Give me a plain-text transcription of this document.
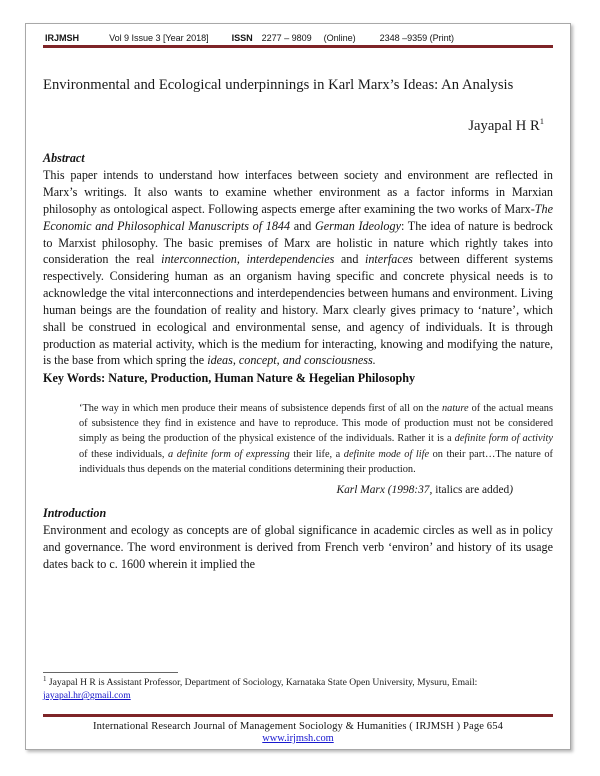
IRJMSH	Vol 9 Issue 3 [Year 2018]	ISSN 2277 – 9809 (Online)	2348 –9359 (Print)
Environmental and Ecological underpinnings in Karl Marx’s Ideas: An Analysis
Jayapal H $R^1$
Abstract

This paper intends to understand how interfaces between society and environment are reflected in Marx’s writings. It also wants to examine whether environment as a factor informs in Marxian philosophy as ontological aspect. Following aspects emerge after examining the two works of Marx-The Economic and Philosophical Manuscripts of 1844 and German Ideology: The idea of nature is bedrock to Marxist philosophy. The basic premises of Marx are holistic in nature which rightly takes into consideration the real interconnection, interdependencies and interfaces between different systems respectively. Considering human as an organism having specific and concrete physical needs is to acknowledge the vital interconnections and interdependencies between humans and environment. Living human beings are the foundation of reality and history. Marx clearly gives primacy to ‘nature’, which shall be construed in ecological and environmental sense, and agency of individuals. It is through production as material activity, which is the medium for interacting, knowing and modifying the nature, is the base from which spring the ideas, concept, and consciousness.

Key Words: Nature, Production, Human Nature & Hegelian Philosophy
‘The way in which men produce their means of subsistence depends first of all on the nature of the actual means of subsistence they find in existence and have to reproduce. This mode of production must not be considered simply as being the production of the physical existence of the individuals. Rather it is a definite form of activity of these individuals, a definite form of expressing their life, a definite mode of life on their part…The nature of individuals thus depends on the material conditions determining their production.
Karl Marx (1998:37, italics are added)
Introduction

Environment and ecology as concepts are of global significance in academic circles as well as in policy and governance. The word environment is derived from French verb ‘environ’ and history of its usage dates back to c. 1600 wherein it implied the

$^1$ Jayapal H R is Assistant Professor, Department of Sociology, Karnataka State Open University, Mysuru, Email: jayapal.hr@gmail.com
International Research Journal of Management Sociology & Humanities ( IRJMSH ) Page 654
www.irjmsh.com
